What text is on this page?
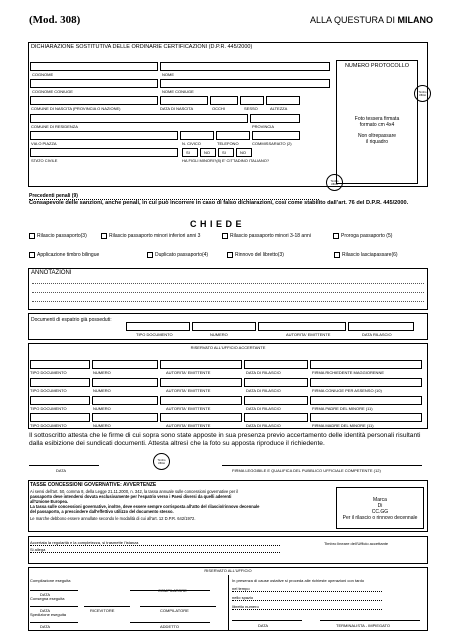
(Mod. 308)	ALLA QUESTURA DI MILANO
DICHIARAZIONE SOSTITUTIVA DELLE ORDINARIE CERTIFICAZIONI (D.P.R. 445/2000)
COGNOME	NOME
COGNOME CONIUGE	NOME CONIUGE
COMUNE DI NASCITA (PROVINCIA O NAZIONE)	DATA DI NASCITA	OCCHI	SESSO	ALTEZZA
COMUNE DI RESIDENZA	PROVINCIA
VIA O PIAZZA	N. CIVICO	TELEFONO	COMMISSARIATO (2)
SI	NO	SI	NO
STATO CIVILE	HA FIGLI MINORI?(8) E' CITTADINO ITALIANO?
NUMERO PROTOCOLLO
Foto tessera firmata
formato cm 4x4
Non oltrepassare
il riquadro
Timbro Ufficio
Timbro Ufficio
Precedenti penali (9)
Consapevole delle sanzioni, anche penali, in cui può incorrere in caso di falso dichiarazioni, così come stabilito dall’art. 76 del D.P.R. 445/2000.
C H I E D E
Rilascio passaporto(3)	Rilascio passaporto minori inferiori anni 3	Rilascio passaporto minori 3-18 anni	Proroga passaporto (5)
Applicazione timbro bilingue	Duplicato passaporto(4)	Rinnovo del libretto(3)	Rilascio lasciapassare(6)
ANNOTAZIONI
Documenti di espatrio già posseduti:
TIPO DOCUMENTO	NUMERO	AUTORITA' EMITTENTE	DATA RILASCIO
RISERVATO ALL'UFFICIO ACCERTANTE
TIPO DOCUMENTO	NUMERO	AUTORITA' EMITTENTE	DATA DI RILASCIO	FIRMA RICHIEDENTE MAGGIORENNE
TIPO DOCUMENTO	NUMERO	AUTORITA' EMITTENTE	DATA DI RILASCIO	FIRMA CONIUGE PER ASSENSO (10)
TIPO DOCUMENTO	NUMERO	AUTORITA' EMITTENTE	DATA DI RILASCIO	FIRMA PADRE DEL MINORE (11)
TIPO DOCUMENTO	NUMERO	AUTORITA' EMITTENTE	DATA DI RILASCIO	FIRMA MADRE DEL MINORE (11)
Il sottoscritto attesta che le firme di cui sopra sono state apposte in sua presenza previo accertamento delle identità personali risultanti dalla esibizione dei sundicati documenti. Attesta altresì che la foto su apposta riproduce il richiedente.
DATA
Timbro Ufficio
FIRMA LEGGIBILE E QUALIFICA DEL PUBBLICO UFFICIALE COMPETENTE (12)
TASSE CONCESSIONI GOVERNATIVE: AVVERTENZE
Ai sensi dell'art. 50, comma 8, della Legge 21.11.2000, n. 342, la tassa annuale sulle concessioni governative per il
passaporto deve intendersi dovuta esclusivamente per l'espatrio verso i Paesi diversi da quelli aderenti
all'Unione Europea.
La tassa sulle concessioni governative, inoltre, deve essere sempre corrisposta all'atto del rilascio/rinnovo decennale
del passaporto, a prescindere dall'effettivo utilizzo del documento stesso.
Le marche debbono essere annullate secondo le modalità di cui all'art. 12 D.P.R. 642/1972.
Marca
Di
CC.GG
Per il rilascio o rinnovo decennale
Accertata la regolarità e la completezza, si trasmette l'istanza
Si allega
Timbro lineare dell'Ufficio accettante
RISERVATO ALL'UFFICIO
Compilazione eseguita
DATA
COMPILATORE
Consegna eseguita
DATA	RICEVITORE	COMPILATORE
Spedizione eseguita
DATA	ADDETTO
In presenza di cause ostative si proceda alle richieste operazioni con tardo
nel tempo
nello spazio
libretto numero
DATA	TERMINALISTA - IMPIEGATO
